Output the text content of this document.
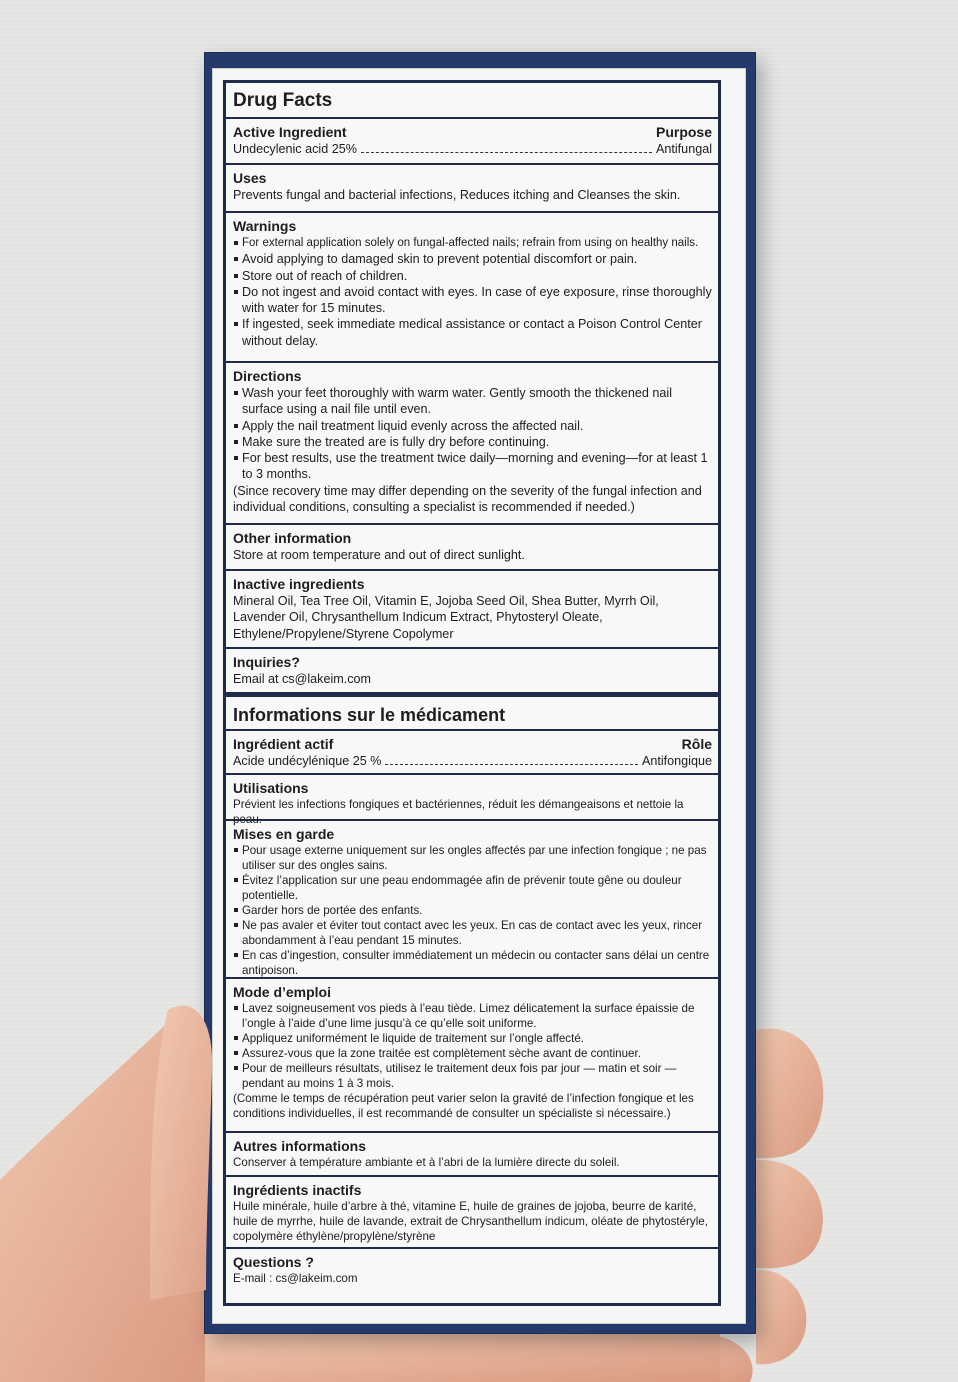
Drug Facts
Active Ingredient	Purpose
Undecylenic acid 25%	Antifungal
Uses
Prevents fungal and bacterial infections, Reduces itching and Cleanses the skin.
Warnings
For external application solely on fungal-affected nails; refrain from using on healthy nails.
Avoid applying to damaged skin to prevent potential discomfort or pain.
Store out of reach of children.
Do not ingest and avoid contact with eyes. In case of eye exposure, rinse thoroughly with water for 15 minutes.
If ingested, seek immediate medical assistance or contact a Poison Control Center without delay.
Directions
Wash your feet thoroughly with warm water. Gently smooth the thickened nail surface using a nail file until even.
Apply the nail treatment liquid evenly across the affected nail.
Make sure the treated are is fully dry before continuing.
For best results, use the treatment twice daily—morning and evening—for at least 1 to 3 months.
(Since recovery time may differ depending on the severity of the fungal infection and individual conditions, consulting a specialist is recommended if needed.)
Other information
Store at room temperature and out of direct sunlight.
Inactive ingredients
Mineral Oil, Tea Tree Oil, Vitamin E, Jojoba Seed Oil, Shea Butter, Myrrh Oil, Lavender Oil, Chrysanthellum Indicum Extract, Phytosteryl Oleate, Ethylene/Propylene/Styrene Copolymer
Inquiries?
Email at cs@lakeim.com
Informations sur le médicament
Ingrédient actif	Rôle
Acide undécylénique 25 %	Antifongique
Utilisations
Prévient les infections fongiques et bactériennes, réduit les démangeaisons et nettoie la peau.
Mises en garde
Pour usage externe uniquement sur les ongles affectés par une infection fongique ; ne pas utiliser sur des ongles sains.
Évitez l’application sur une peau endommagée afin de prévenir toute gêne ou douleur potentielle.
Garder hors de portée des enfants.
Ne pas avaler et éviter tout contact avec les yeux. En cas de contact avec les yeux, rincer abondamment à l’eau pendant 15 minutes.
En cas d’ingestion, consulter immédiatement un médecin ou contacter sans délai un centre antipoison.
Mode d’emploi
Lavez soigneusement vos pieds à l’eau tiède. Limez délicatement la surface épaissie de l’ongle à l’aide d’une lime jusqu’à ce qu’elle soit uniforme.
Appliquez uniformément le liquide de traitement sur l’ongle affecté.
Assurez-vous que la zone traitée est complètement sèche avant de continuer.
Pour de meilleurs résultats, utilisez le traitement deux fois par jour — matin et soir — pendant au moins 1 à 3 mois.
(Comme le temps de récupération peut varier selon la gravité de l’infection fongique et les conditions individuelles, il est recommandé de consulter un spécialiste si nécessaire.)
Autres informations
Conserver à température ambiante et à l’abri de la lumière directe du soleil.
Ingrédients inactifs
Huile minérale, huile d’arbre à thé, vitamine E, huile de graines de jojoba, beurre de karité, huile de myrrhe, huile de lavande, extrait de Chrysanthellum indicum, oléate de phytostéryle, copolymère éthylène/propylène/styrène
Questions ?
E-mail : cs@lakeim.com
